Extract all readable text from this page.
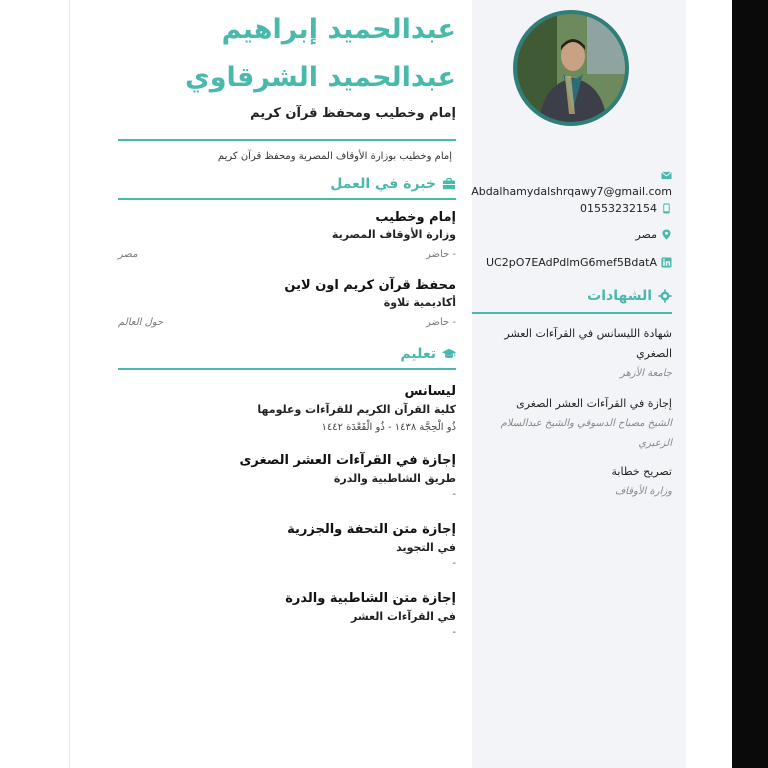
عبدالحميد إبراهيم عبدالحميد الشرقاوي
إمام وخطيب ومحفظ قرآن كريم
إمام وخطيب بوزارة الأوقاف المصرية ومحفظ قرآن كريم
خبرة في العمل
إمام وخطيب
وزارة الأوقاف المصرية
- حاضر
مصر
محفظ قرآن كريم اون لاين
أكاديمية تلاوة
- حاضر
حول العالم
تعليم
ليسانس
كلية القرآن الكريم للقرآءات وعلومها
ذُو الْحِجَّة ١٤٣٨ - ذُو الْقَعْدَة ١٤٤٢
إجازة في القرآءات العشر الصغرى
طريق الشاطبية والدرة
-
إجازة متن التحفة والجزرية
في التجويد
-
إجازة متن الشاطبية والدرة
في القرآءات العشر
-
Abdalhamydalshrqawy7@gmail.com
01553232154
مصر
UC2pO7EAdPdlmG6mef5BdatA
الشهادات
شهادة الليسانس في القرآءات العشر الصغري
جامعة الأزهر
إجازة في القرآءات العشر الصغرى
الشيخ مصباح الدسوقي والشيخ عبدالسلام الزعبري
تصريح خطابة
وزارة الأوقاف
